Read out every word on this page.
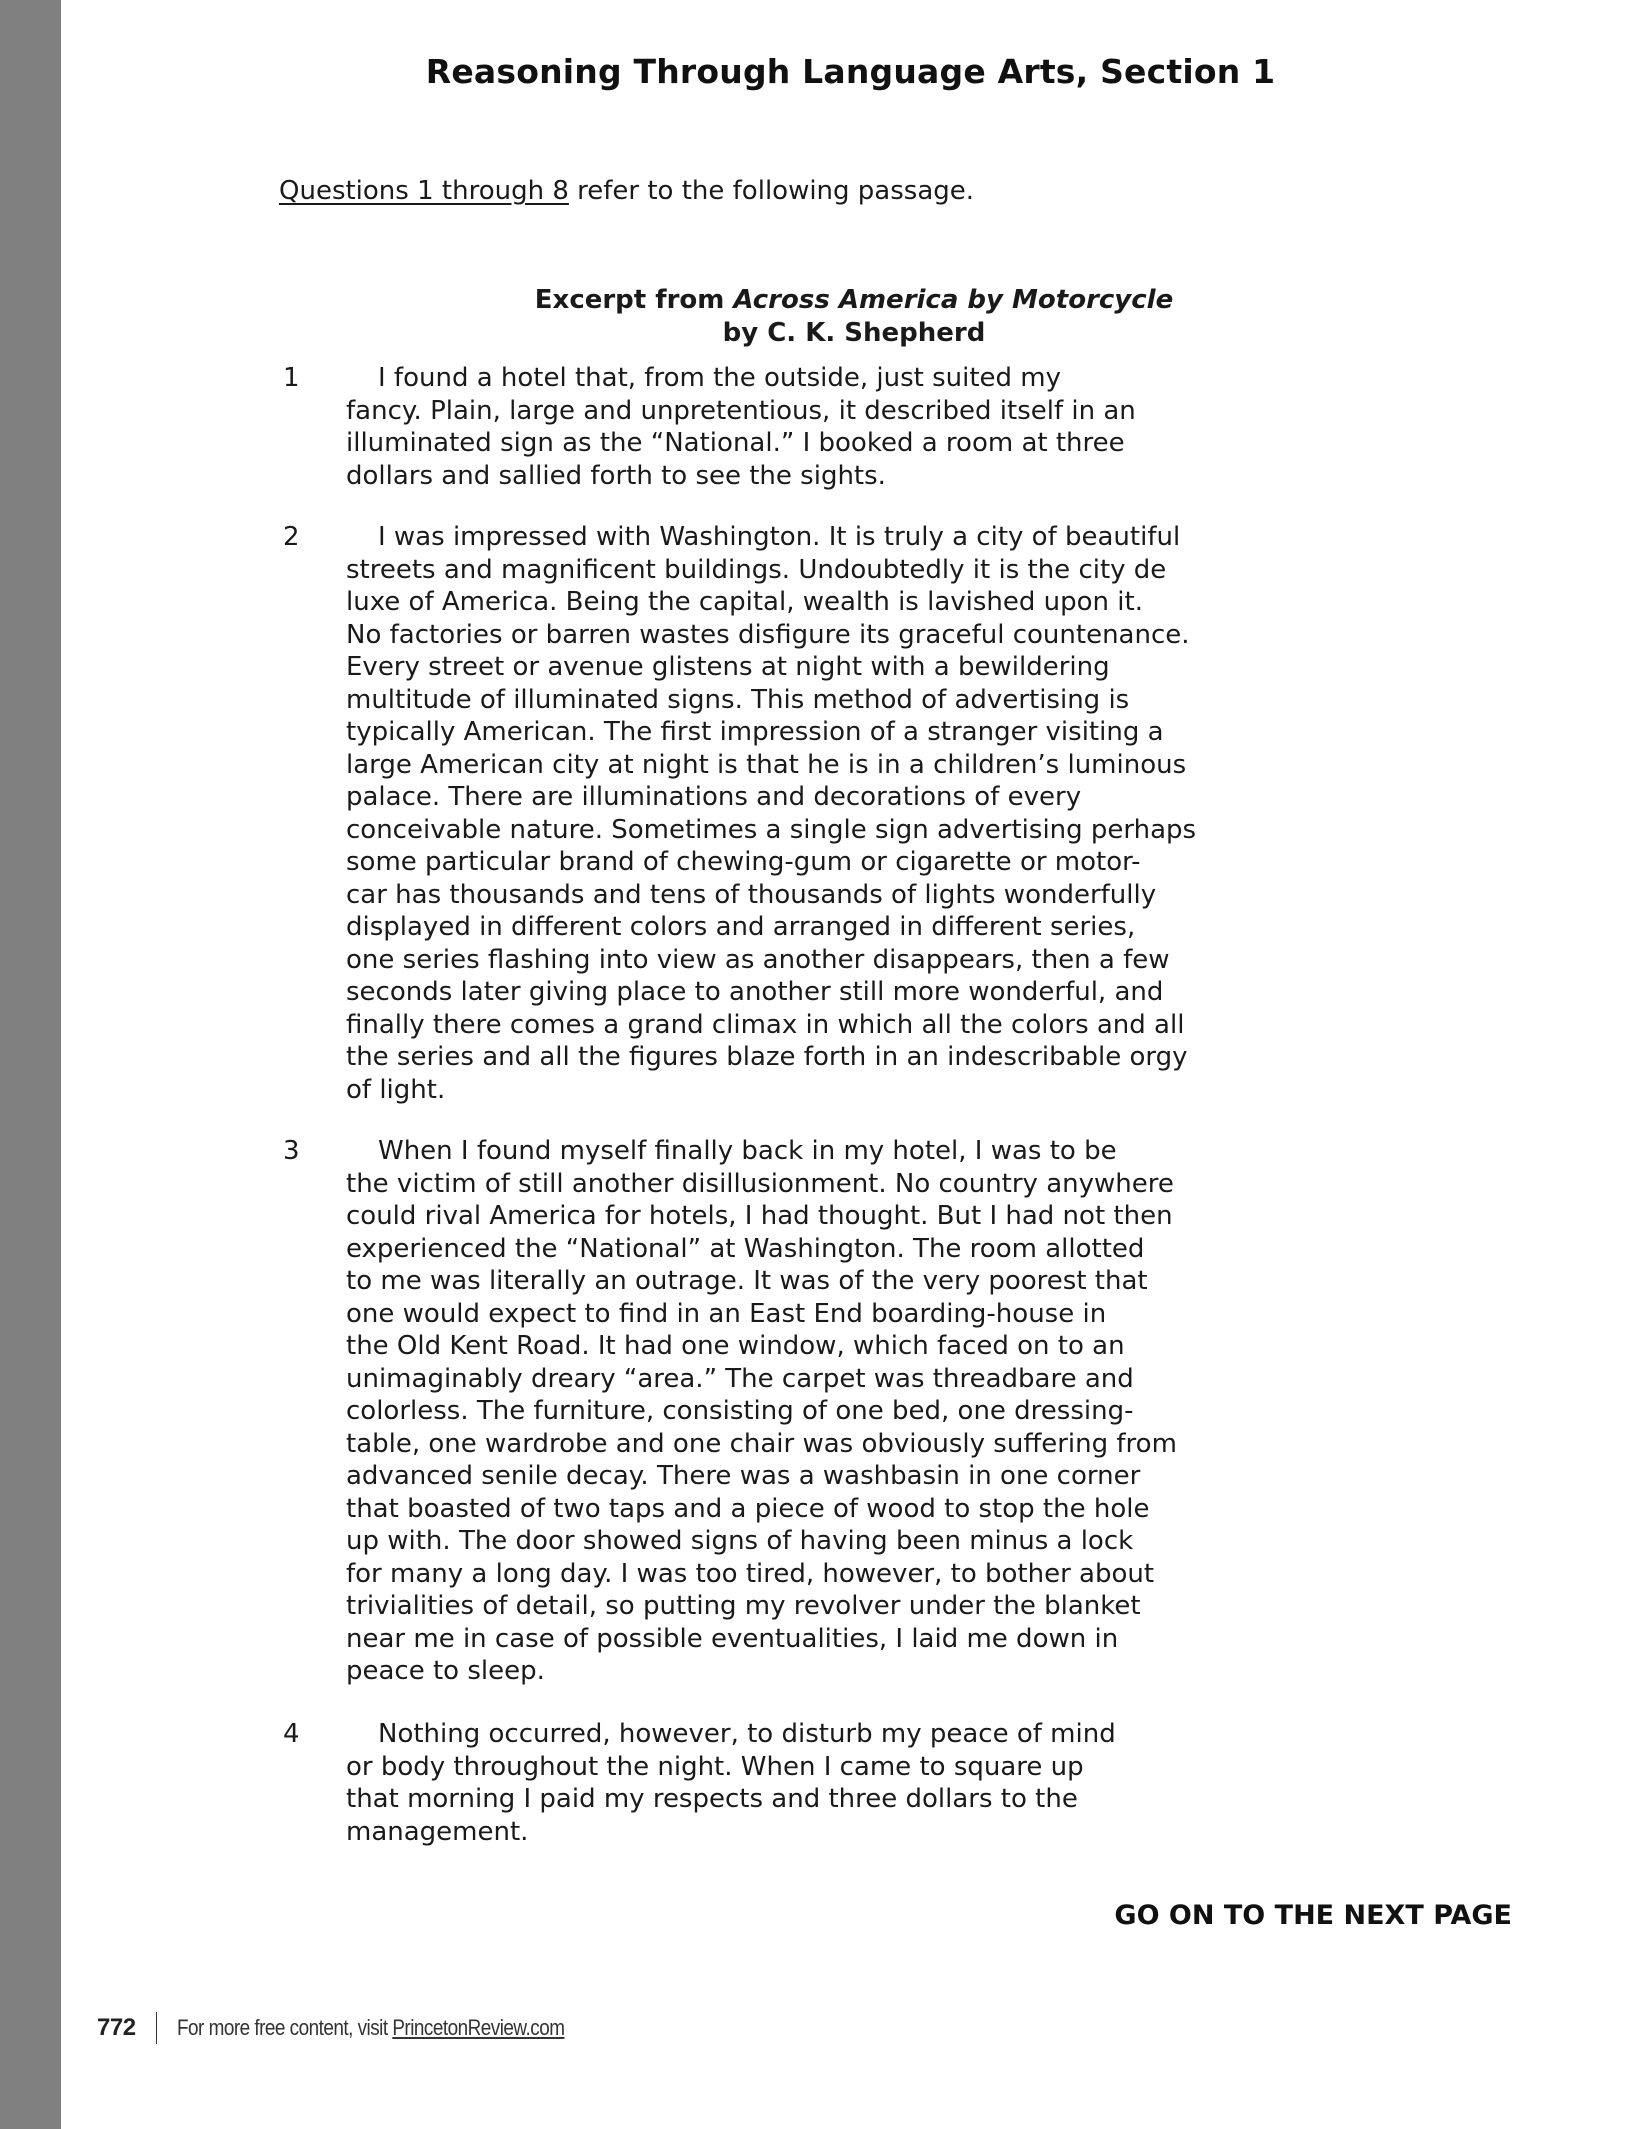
Reasoning Through Language Arts, Section 1
Questions 1 through 8 refer to the following passage.
Excerpt from Across America by Motorcycle
by C. K. Shepherd
1	I found a hotel that, from the outside, just suited my
fancy. Plain, large and unpretentious, it described itself in an
illuminated sign as the “National.” I booked a room at three
dollars and sallied forth to see the sights.
2	I was impressed with Washington. It is truly a city of beautiful
streets and magnificent buildings. Undoubtedly it is the city de
luxe of America. Being the capital, wealth is lavished upon it.
No factories or barren wastes disfigure its graceful countenance.
Every street or avenue glistens at night with a bewildering
multitude of illuminated signs. This method of advertising is
typically American. The first impression of a stranger visiting a
large American city at night is that he is in a children’s luminous
palace. There are illuminations and decorations of every
conceivable nature. Sometimes a single sign advertising perhaps
some particular brand of chewing-gum or cigarette or motor-
car has thousands and tens of thousands of lights wonderfully
displayed in different colors and arranged in different series,
one series flashing into view as another disappears, then a few
seconds later giving place to another still more wonderful, and
finally there comes a grand climax in which all the colors and all
the series and all the figures blaze forth in an indescribable orgy
of light.
3	When I found myself finally back in my hotel, I was to be
the victim of still another disillusionment. No country anywhere
could rival America for hotels, I had thought. But I had not then
experienced the “National” at Washington. The room allotted
to me was literally an outrage. It was of the very poorest that
one would expect to find in an East End boarding-house in
the Old Kent Road. It had one window, which faced on to an
unimaginably dreary “area.” The carpet was threadbare and
colorless. The furniture, consisting of one bed, one dressing-
table, one wardrobe and one chair was obviously suffering from
advanced senile decay. There was a washbasin in one corner
that boasted of two taps and a piece of wood to stop the hole
up with. The door showed signs of having been minus a lock
for many a long day. I was too tired, however, to bother about
trivialities of detail, so putting my revolver under the blanket
near me in case of possible eventualities, I laid me down in
peace to sleep.
4	Nothing occurred, however, to disturb my peace of mind
or body throughout the night. When I came to square up
that morning I paid my respects and three dollars to the
management.
GO ON TO THE NEXT PAGE
772 For more free content, visit PrincetonReview.com
